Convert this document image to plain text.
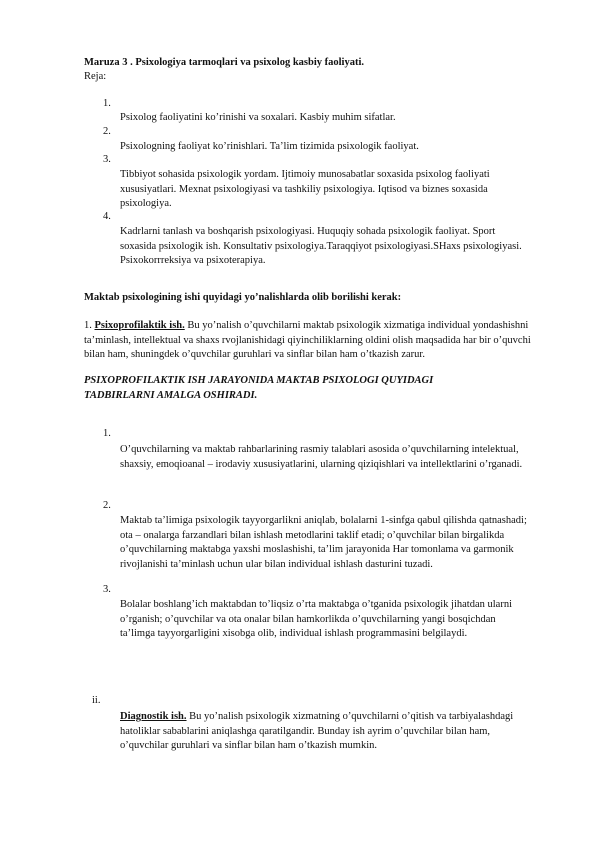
Maruza 3 . Psixologiya tarmoqlari va psixolog kasbiy faoliyati.
Reja:
1.
Psixolog faoliyatini ko’rinishi va soxalari. Kasbiy muhim sifatlar.
2.
Psixologning faoliyat ko’rinishlari. Ta’lim tizimida psixologik faoliyat.
3.
Tibbiyot sohasida psixologik yordam. Ijtimoiy munosabatlar soxasida psixolog faoliyati xususiyatlari. Mexnat psixologiyasi va tashkiliy psixologiya. Iqtisod va biznes soxasida psixologiya.
4.
Kadrlarni tanlash va boshqarish psixologiyasi. Huquqiy sohada psixologik faoliyat. Sport soxasida psixologik ish. Konsultativ psixologiya.Taraqqiyot psixologiyasi.SHaxs psixologiyasi. Psixokorrreksiya va psixoterapiya.
Maktab psixologining ishi quyidagi yo’nalishlarda olib borilishi kerak:
1. Psixoprofilaktik ish. Bu yo’nalish o’quvchilarni maktab psixologik xizmatiga individual yondashishni ta’minlash, intellektual va shaxs rvojlanishidagi qiyinchiliklarning oldini olish maqsadida har bir o’quvchi bilan ham, shuningdek o’quvchilar guruhlari va sinflar bilan ham o’tkazish zarur.
PSIXOPROFILAKTIK ISH JARAYONIDA MAKTAB PSIXOLOGI QUYIDAGI TADBIRLARNI AMALGA OSHIRADI.
1.
O’quvchilarning va maktab rahbarlarining rasmiy talablari asosida o’quvchilarning intelektual, shaxsiy, emoqioanal – irodaviy xususiyatlarini, ularning qiziqishlari va intellektlarini o’rganadi.
2.
Maktab ta’limiga psixologik tayyorgarlikni aniqlab, bolalarni 1-sinfga qabul qilishda qatnashadi; ota – onalarga farzandlari bilan ishlash metodlarini taklif etadi; o’quvchilar bilan birgalikda o’quvchilarning maktabga yaxshi moslashishi, ta’lim jarayonida Har tomonlama va garmonik rivojlanishi ta’minlash uchun ular bilan individual ishlash dasturini tuzadi.
3.
Bolalar boshlang’ich maktabdan to’liqsiz o’rta maktabga o’tganida psixologik jihatdan ularni o’rganish; o’quvchilar va ota onalar bilan hamkorlikda o’quvchilarning yangi bosqichdan ta’limga tayyorgarligini xisobga olib, individual ishlash programmasini belgilaydi.
ii.
Diagnostik ish. Bu yo’nalish psixologik xizmatning o’quvchilarni o’qitish va tarbiyalashdagi hatoliklar sabablarini aniqlashga qaratilgandir. Bunday ish ayrim o’quvchilar bilan ham, o’quvchilar guruhlari va sinflar bilan ham o’tkazish mumkin.
